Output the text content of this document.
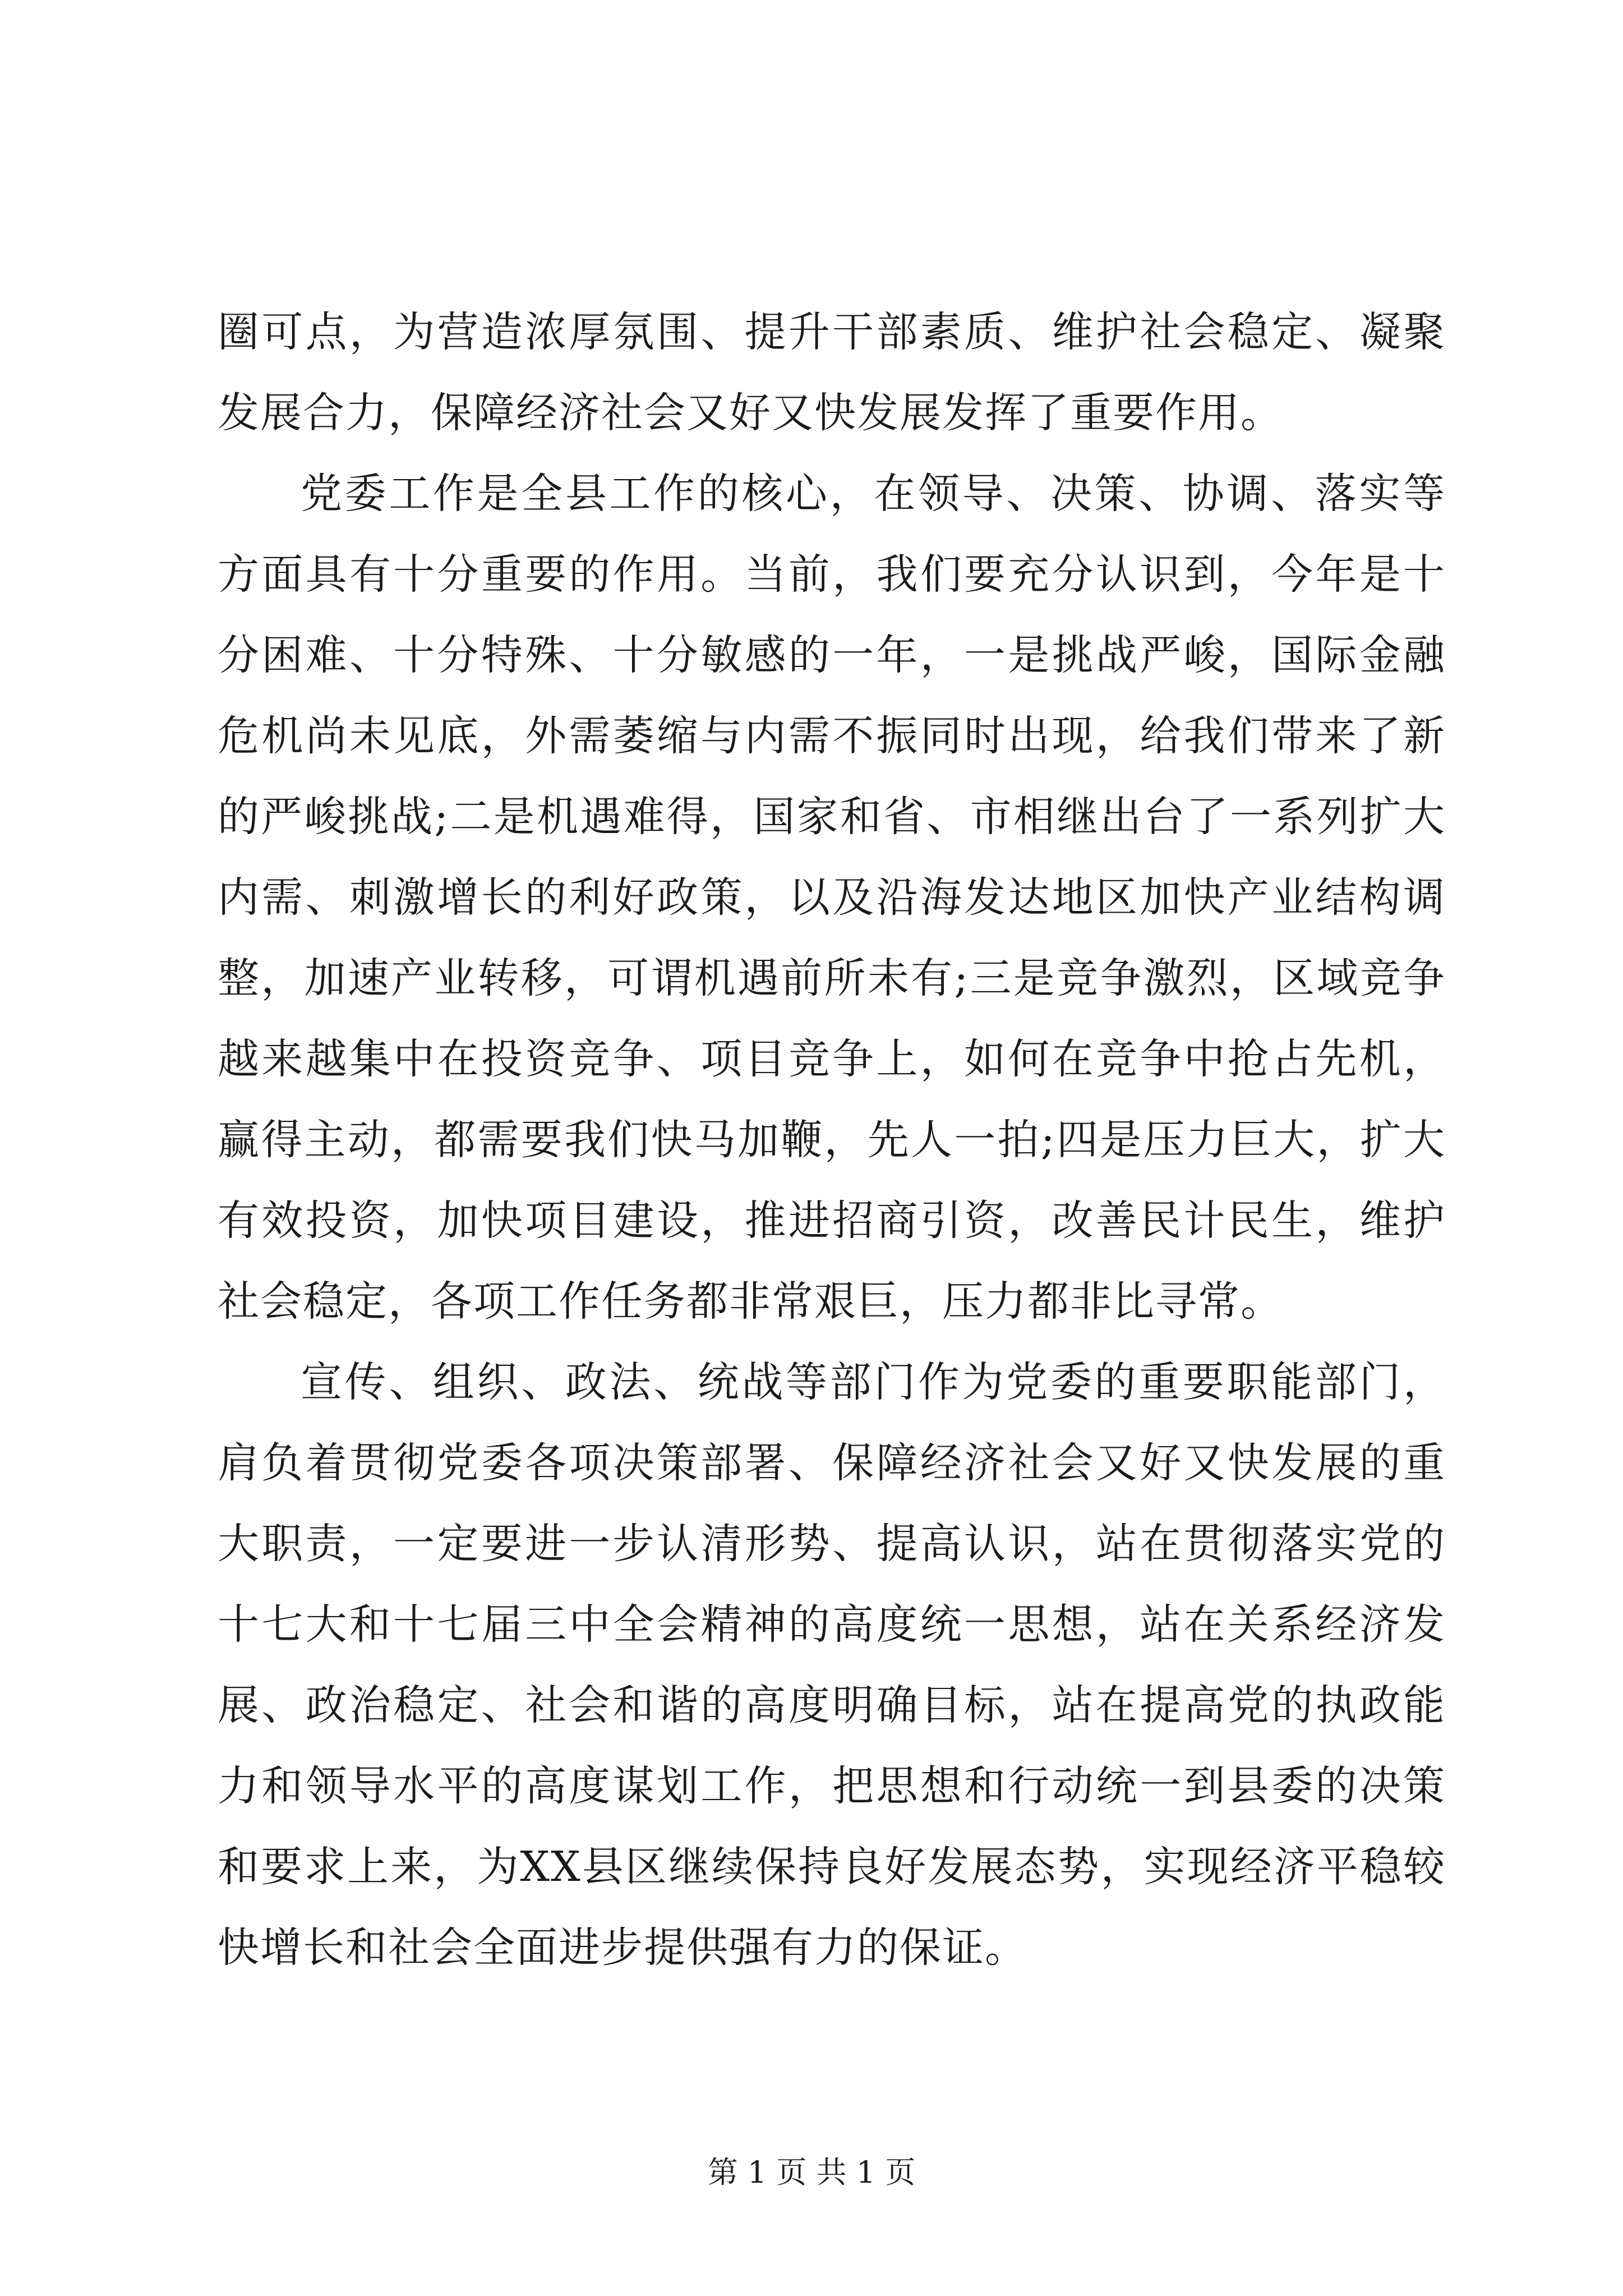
圈可点，为营造浓厚氛围、提升干部素质、维护社会稳定、凝聚发展合力，保障经济社会又好又快发展发挥了重要作用。

党委工作是全县工作的核心，在领导、决策、协调、落实等方面具有十分重要的作用。当前，我们要充分认识到，今年是十分困难、十分特殊、十分敏感的一年，一是挑战严峻，国际金融危机尚未见底，外需萎缩与内需不振同时出现，给我们带来了新的严峻挑战;二是机遇难得，国家和省、市相继出台了一系列扩大内需、刺激增长的利好政策，以及沿海发达地区加快产业结构调整，加速产业转移，可谓机遇前所未有;三是竞争激烈，区域竞争越来越集中在投资竞争、项目竞争上，如何在竞争中抢占先机，赢得主动，都需要我们快马加鞭，先人一拍;四是压力巨大，扩大有效投资，加快项目建设，推进招商引资，改善民计民生，维护社会稳定，各项工作任务都非常艰巨，压力都非比寻常。

宣传、组织、政法、统战等部门作为党委的重要职能部门，肩负着贯彻党委各项决策部署、保障经济社会又好又快发展的重大职责，一定要进一步认清形势、提高认识，站在贯彻落实党的十七大和十七届三中全会精神的高度统一思想，站在关系经济发展、政治稳定、社会和谐的高度明确目标，站在提高党的执政能力和领导水平的高度谋划工作，把思想和行动统一到县委的决策和要求上来，为XX县区继续保持良好发展态势，实现经济平稳较快增长和社会全面进步提供强有力的保证。

第 1 页 共 1 页
